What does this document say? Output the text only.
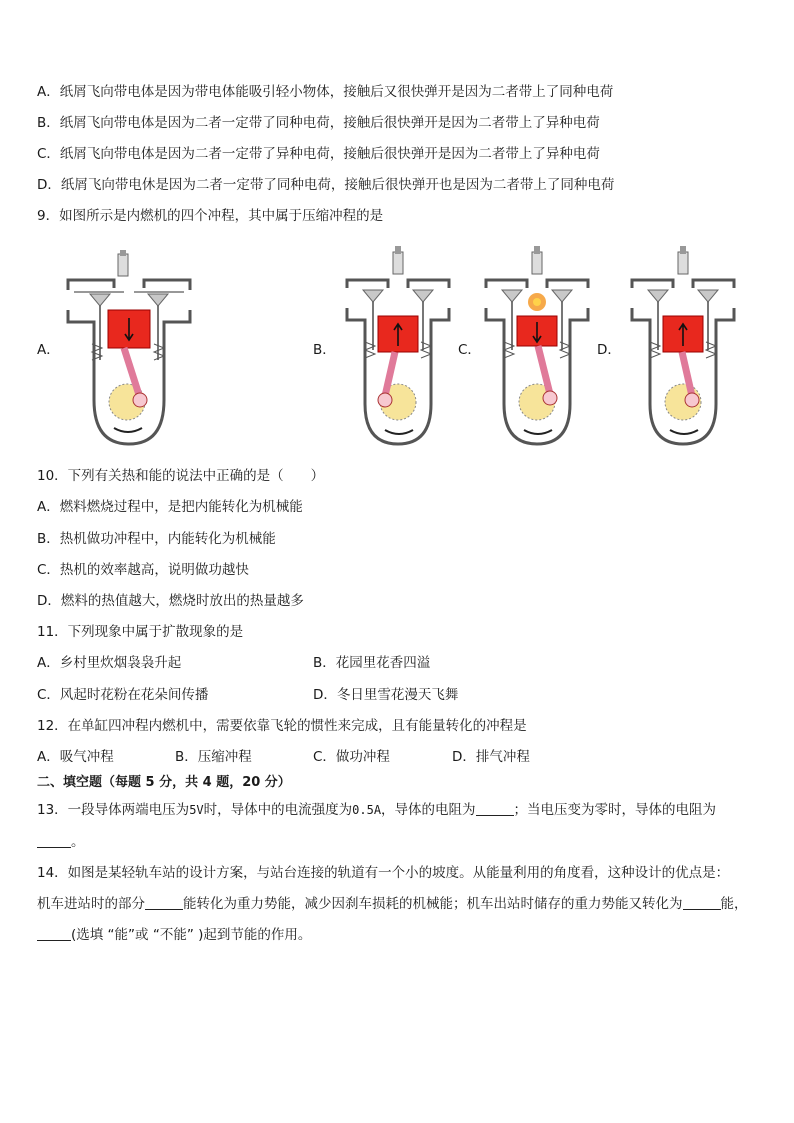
A．纸屑飞向带电体是因为带电体能吸引轻小物体，接触后又很快弹开是因为二者带上了同种电荷
B．纸屑飞向带电体是因为二者一定带了同种电荷，接触后很快弹开是因为二者带上了异种电荷
C．纸屑飞向带电体是因为二者一定带了异种电荷，接触后很快弹开是因为二者带上了异种电荷
D．纸屑飞向带电休是因为二者一定带了同种电荷，接触后很快弹开也是因为二者带上了同种电荷
9．如图所示是内燃机的四个冲程，其中属于压缩冲程的是
A．	B．	C．	D．
10．下列有关热和能的说法中正确的是（　　）
A．燃料燃烧过程中，是把内能转化为机械能
B．热机做功冲程中，内能转化为机械能
C．热机的效率越高，说明做功越快
D．燃料的热值越大，燃烧时放出的热量越多
11．下列现象中属于扩散现象的是
A．乡村里炊烟袅袅升起	B．花园里花香四溢
C．风起时花粉在花朵间传播	D．冬日里雪花漫天飞舞
12．在单缸四冲程内燃机中，需要依靠飞轮的惯性来完成，且有能量转化的冲程是
A．吸气冲程	B．压缩冲程	C．做功冲程	D．排气冲程
二、填空题（每题 5 分，共 4 题，20 分）
13．一段导体两端电压为5V时，导体中的电流强度为0.5A，导体的电阻为	；当电压变为零时，导体的电阻为
。
14．如图是某轻轨车站的设计方案，与站台连接的轨道有一个小的坡度。从能量利用的角度看，这种设计的优点是：
机车进站时的部分	能转化为重力势能，减少因刹车损耗的机械能；机车出站时储存的重力势能又转化为	能，
(选填 “能”或 “不能” )起到节能的作用。
